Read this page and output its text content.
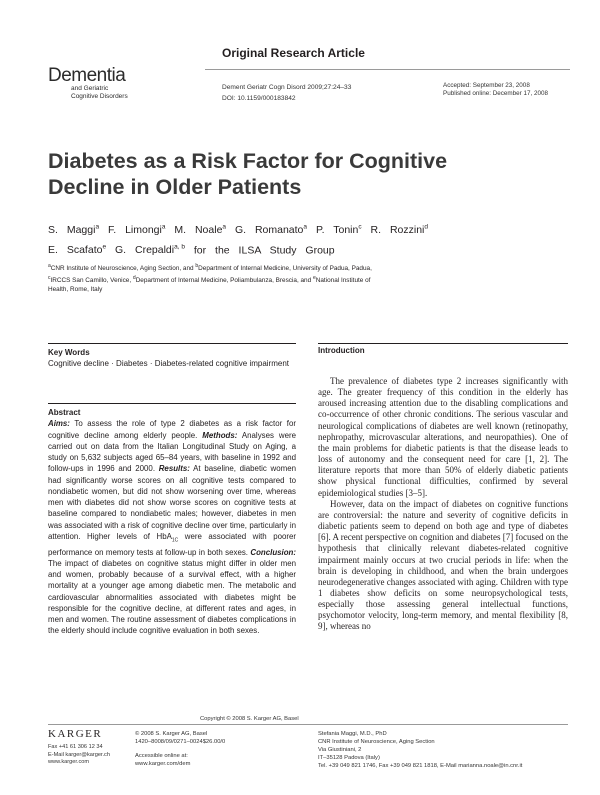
Dementia
and Geriatric
Cognitive Disorders
Original Research Article
Dement Geriatr Cogn Disord 2009;27:24–33
DOI: 10.1159/000183842
Accepted: September 23, 2008
Published online: December 17, 2008
Diabetes as a Risk Factor for Cognitive
Decline in Older Patients
S. Maggi$^a$ F. Limongi$^a$ M. Noale$^a$ G. Romanato$^a$ P. Tonin$^c$ R. Rozzini$^d$
E. Scafato$^e$ G. Crepaldi$^{a, b}$ for the ILSA Study Group
$^a$CNR Institute of Neuroscience, Aging Section, and $^b$Department of Internal Medicine, University of Padua, Padua,
$^c$IRCCS San Camillo, Venice, $^d$Department of Internal Medicine, Poliambulanza, Brescia, and $^e$National Institute of
Health, Rome, Italy
Key Words
Cognitive decline · Diabetes · Diabetes-related cognitive impairment
Abstract
Aims: To assess the role of type 2 diabetes as a risk factor for cognitive decline among elderly people. Methods: Analyses were carried out on data from the Italian Longitudinal Study on Aging, a study on 5,632 subjects aged 65–84 years, with baseline in 1992 and follow-ups in 1996 and 2000. Results: At baseline, diabetic women had significantly worse scores on all cognitive tests compared to nondiabetic women, but did not show worsening over time, whereas men with diabetes did not show worse scores on cognitive tests at baseline compared to nondiabetic males; however, diabetes in men was associated with a risk of cognitive decline over time, particularly in attention. Higher levels of HbA$_{1C}$ were associated with poorer performance on memory tests at follow-up in both sexes. Conclusion: The impact of diabetes on cognitive status might differ in older men and women, probably because of a survival effect, with a higher mortality at a younger age among diabetic men. The metabolic and cardiovascular abnormalities associated with diabetes might be responsible for the cognitive decline, at different rates and ages, in men and women. The routine assessment of diabetes complications in the elderly should include cognitive evaluation in both sexes.
Copyright © 2008 S. Karger AG, Basel
Introduction

The prevalence of diabetes type 2 increases significantly with age. The greater frequency of this condition in the elderly has aroused increasing attention due to the disabling complications and co-occurrence of other chronic conditions. The serious vascular and neurological complications of diabetes are well known (retinopathy, nephropathy, microvascular alterations, and neuropathies). One of the main problems for diabetic patients is that the disease leads to loss of autonomy and the consequent need for care [1, 2]. The literature reports that more than 50% of elderly diabetic patients show physical functional difficulties, confirmed by several epidemiological studies [3–5].

However, data on the impact of diabetes on cognitive functions are controversial: the nature and severity of cognitive deficits in diabetic patients seem to depend on both age and type of diabetes [6]. A recent perspective on cognition and diabetes [7] focused on the hypothesis that clinically relevant diabetes-related cognitive impairment mainly occurs at two crucial periods in life: when the brain is developing in childhood, and when the brain undergoes neurodegenerative changes associated with aging. Children with type 1 diabetes show deficits on some neuropsychological tests, especially those assessing general intellectual functions, psychomotor velocity, long-term memory, and mental flexibility [8, 9], whereas no

KARGER
Fax +41 61 306 12 34
E-Mail karger@karger.ch
www.karger.com
© 2008 S. Karger AG, Basel
1420–8008/09/0271–0024$26.00/0
Accessible online at:
www.karger.com/dem
Stefania Maggi, M.D., PhD
CNR Institute of Neuroscience, Aging Section
Via Giustiniani, 2
IT–35128 Padova (Italy)
Tel. +39 049 821 1746, Fax +39 049 821 1818, E-Mail marianna.noale@in.cnr.it
